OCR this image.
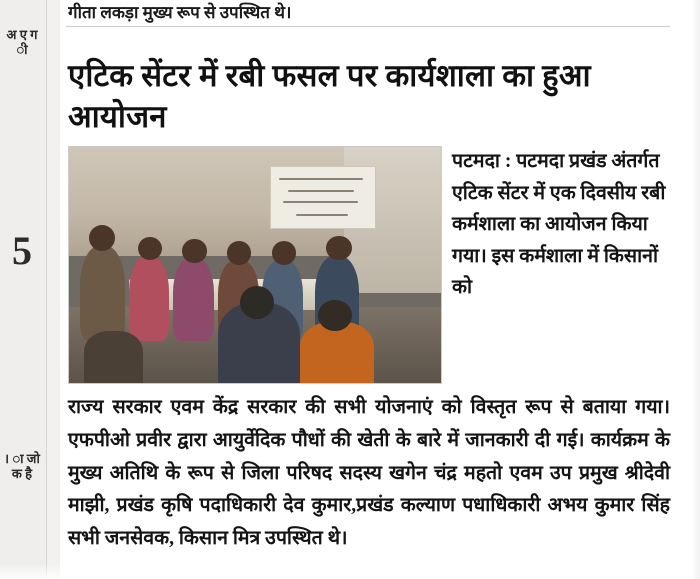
अ ए ग ी
5
। ा जो क है
गीता लकड़ा मुख्य रूप से उपस्थित थे।
एटिक सेंटर में रबी फसल पर कार्यशाला का हुआ आयोजन
पटमदा : पटमदा प्रखंड अंतर्गत एटिक सेंटर में एक दिवसीय रबी कर्मशाला का आयोजन किया गया। इस कर्मशाला में किसानों को
राज्य सरकार एवम केंद्र सरकार की सभी योजनाएं को विस्तृत रूप से बताया गया। एफपीओ प्रवीर द्वारा आयुर्वेदिक पौधों की खेती के बारे में जानकारी दी गई। कार्यक्रम के मुख्य अतिथि के रूप से जिला परिषद सदस्य खगेन चंद्र महतो एवम उप प्रमुख श्रीदेवी माझी, प्रखंड कृषि पदाधिकारी देव कुमार,प्रखंड कल्याण पधाधिकारी अभय कुमार सिंह सभी जनसेवक, किसान मित्र उपस्थित थे।
